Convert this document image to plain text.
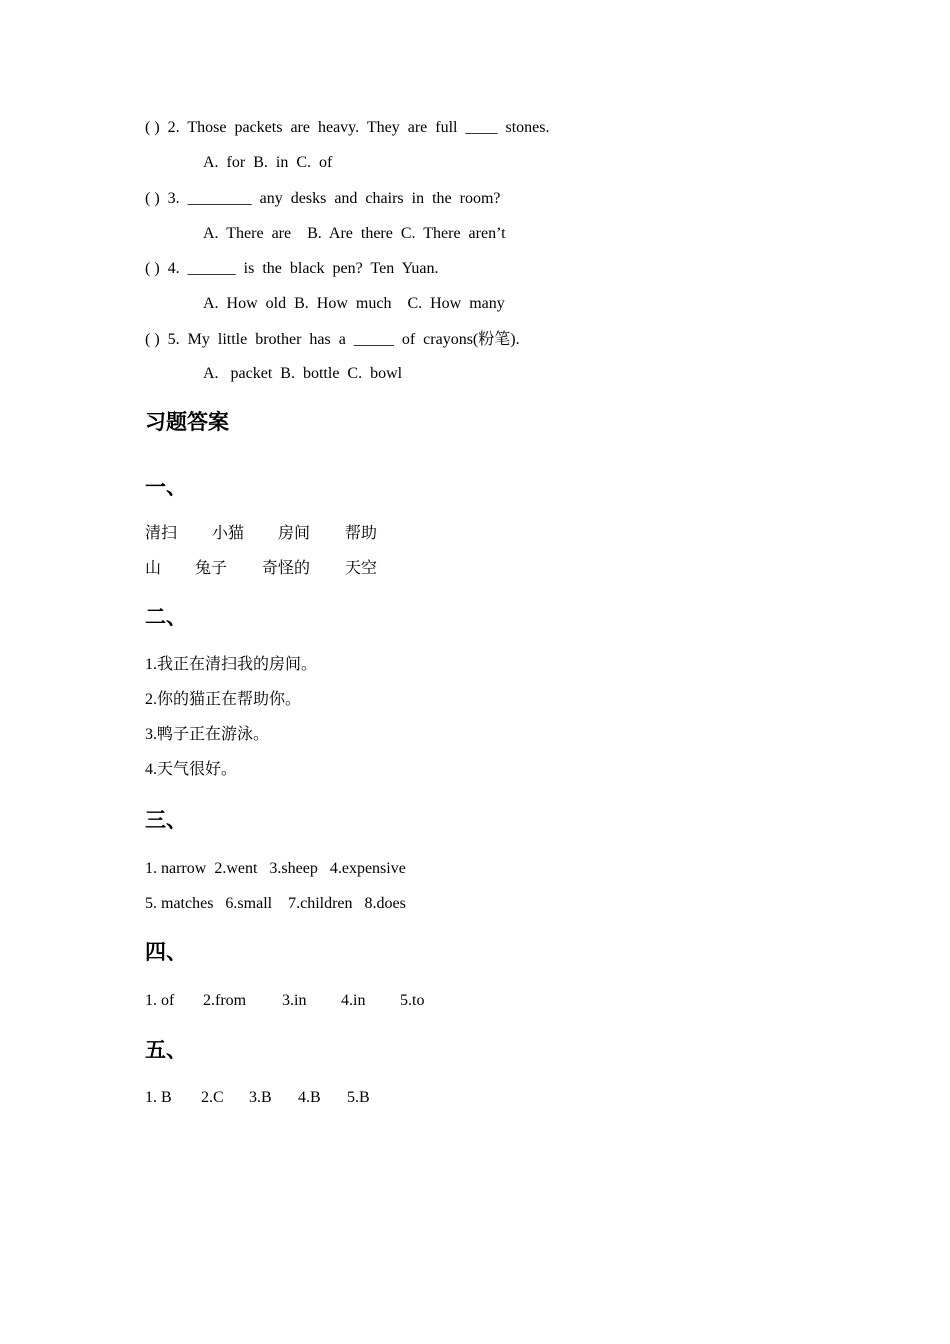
( )  2.  Those  packets  are  heavy.  They  are  full  ____  stones.
A.  for  B.  in  C.  of
( )  3.  ________  any  desks  and  chairs  in  the  room?
A.  There  are    B.  Are  there  C.  There  aren’t
( )  4.  ______  is  the  black  pen?  Ten  Yuan.
A.  How  old  B.  How  much    C.  How  many
( )  5.  My  little  brother  has  a  _____  of  crayons(粉笔).
A.   packet  B.  bottle  C.  bowl
习题答案
一、
清扫 小猫 房间 帮助
山 兔子 奇怪的 天空
二、
1.我正在清扫我的房间。
2.你的猫正在帮助你。
3.鸭子正在游泳。
4.天气很好。
三、
1. narrow  2.went   3.sheep   4.expensive
5. matches   6.small    7.children   8.does
四、
1. of 2.from 3.in 4.in 5.to
五、
1. B 2.C 3.B 4.B 5.B
